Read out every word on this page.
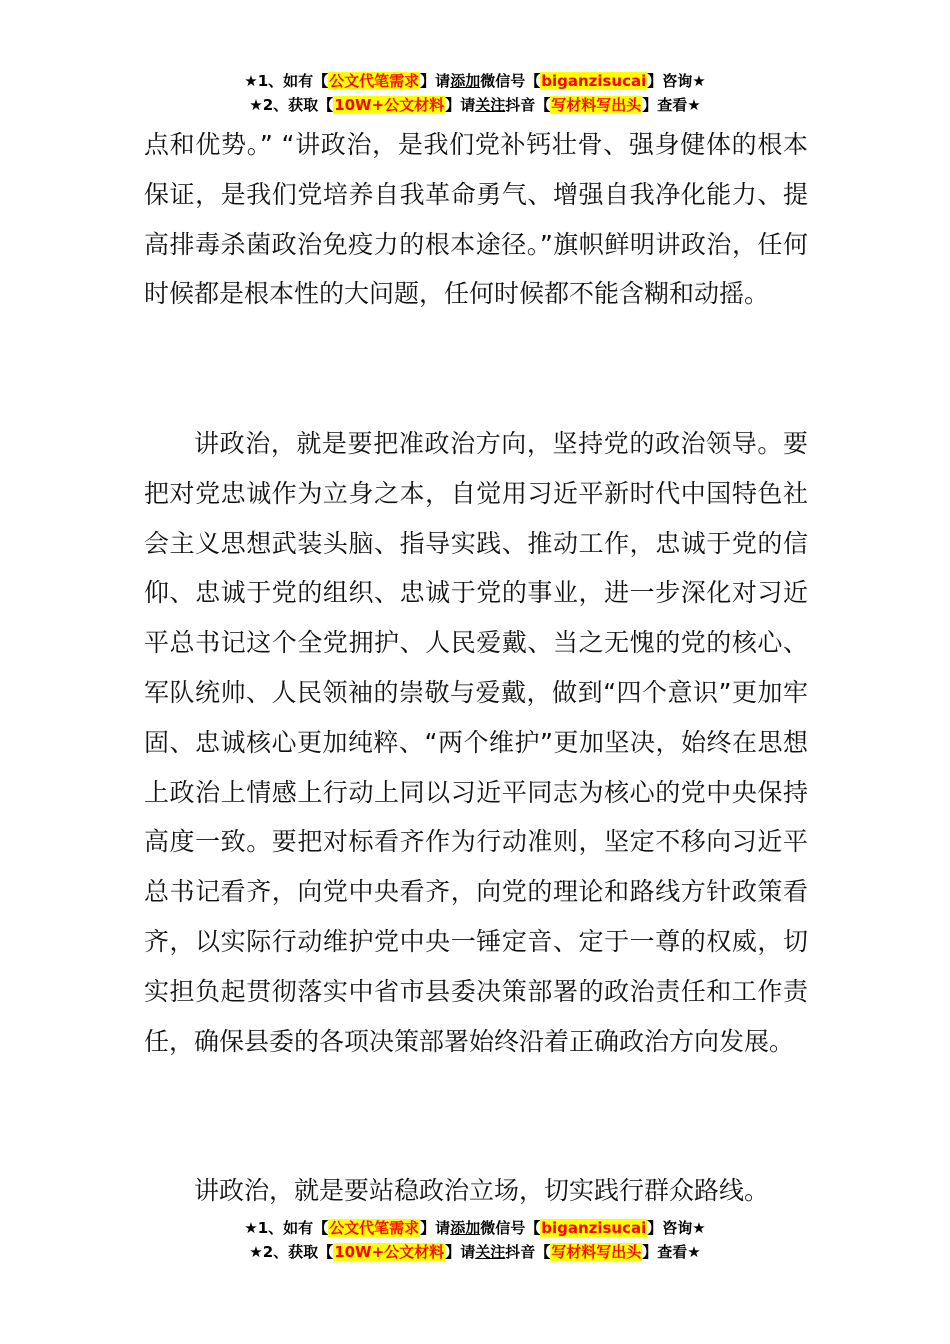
★1、如有【公文代笔需求】请添加微信号【biganzisucai】咨询★
★2、获取【10W+公文材料】请关注抖音【写材料写出头】查看★

点和优势。” “讲政治，是我们党补钙壮骨、强身健体的根本保证，是我们党培养自我革命勇气、增强自我净化能力、提高排毒杀菌政治免疫力的根本途径。”旗帜鲜明讲政治，任何时候都是根本性的大问题，任何时候都不能含糊和动摇。

讲政治，就是要把准政治方向，坚持党的政治领导。要把对党忠诚作为立身之本，自觉用习近平新时代中国特色社会主义思想武装头脑、指导实践、推动工作，忠诚于党的信仰、忠诚于党的组织、忠诚于党的事业，进一步深化对习近平总书记这个全党拥护、人民爱戴、当之无愧的党的核心、军队统帅、人民领袖的崇敬与爱戴，做到“四个意识”更加牢固、忠诚核心更加纯粹、“两个维护”更加坚决，始终在思想上政治上情感上行动上同以习近平同志为核心的党中央保持高度一致。要把对标看齐作为行动准则，坚定不移向习近平总书记看齐，向党中央看齐，向党的理论和路线方针政策看齐，以实际行动维护党中央一锤定音、定于一尊的权威，切实担负起贯彻落实中省市县委决策部署的政治责任和工作责任，确保县委的各项决策部署始终沿着正确政治方向发展。

讲政治，就是要站稳政治立场，切实践行群众路线。

★1、如有【公文代笔需求】请添加微信号【biganzisucai】咨询★
★2、获取【10W+公文材料】请关注抖音【写材料写出头】查看★
